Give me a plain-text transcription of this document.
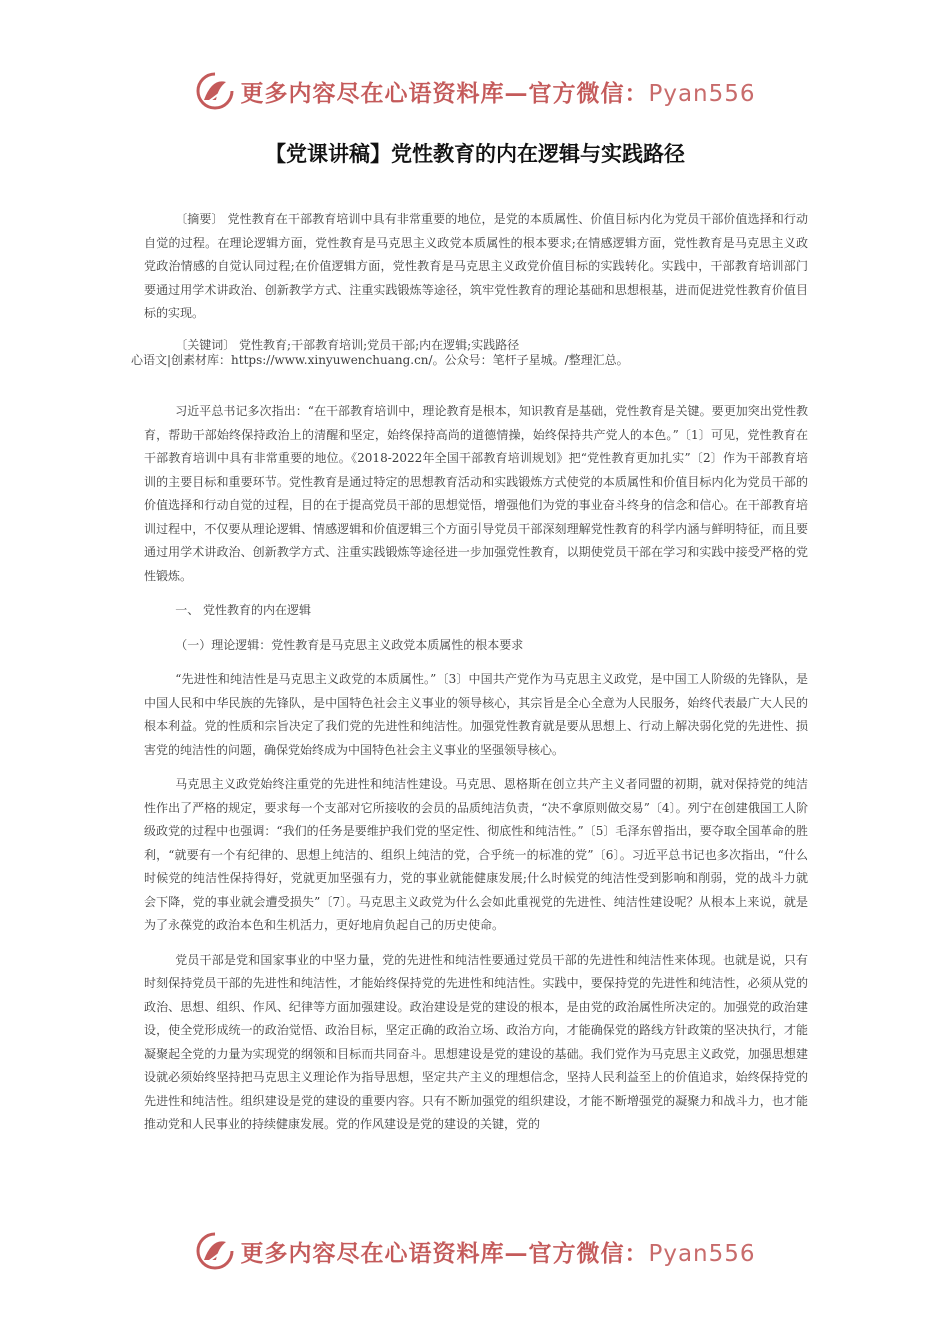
更多内容尽在心语资料库—官方微信：Pyan556
【党课讲稿】党性教育的内在逻辑与实践路径

〔摘要〕 党性教育在干部教育培训中具有非常重要的地位，是党的本质属性、价值目标内化为党员干部价值选择和行动自觉的过程。在理论逻辑方面，党性教育是马克思主义政党本质属性的根本要求;在情感逻辑方面，党性教育是马克思主义政党政治情感的自觉认同过程;在价值逻辑方面，党性教育是马克思主义政党价值目标的实践转化。实践中，干部教育培训部门要通过用学术讲政治、创新教学方式、注重实践锻炼等途径，筑牢党性教育的理论基础和思想根基，进而促进党性教育价值目标的实现。

〔关键词〕 党性教育;干部教育培训;党员干部;内在逻辑;实践路径

心语文|创素材库：https://www.xinyuwenchuang.cn/。公众号：笔杆子星城。/整理汇总。

习近平总书记多次指出：“在干部教育培训中，理论教育是根本，知识教育是基础，党性教育是关键。要更加突出党性教育，帮助干部始终保持政治上的清醒和坚定，始终保持高尚的道德情操，始终保持共产党人的本色。”〔1〕可见，党性教育在干部教育培训中具有非常重要的地位。《2018-2022年全国干部教育培训规划》把“党性教育更加扎实”〔2〕作为干部教育培训的主要目标和重要环节。党性教育是通过特定的思想教育活动和实践锻炼方式使党的本质属性和价值目标内化为党员干部的价值选择和行动自觉的过程，目的在于提高党员干部的思想觉悟，增强他们为党的事业奋斗终身的信念和信心。在干部教育培训过程中，不仅要从理论逻辑、情感逻辑和价值逻辑三个方面引导党员干部深刻理解党性教育的科学内涵与鲜明特征，而且要通过用学术讲政治、创新教学方式、注重实践锻炼等途径进一步加强党性教育，以期使党员干部在学习和实践中接受严格的党性锻炼。

一、 党性教育的内在逻辑

（一）理论逻辑：党性教育是马克思主义政党本质属性的根本要求

“先进性和纯洁性是马克思主义政党的本质属性。”〔3〕中国共产党作为马克思主义政党，是中国工人阶级的先锋队，是中国人民和中华民族的先锋队，是中国特色社会主义事业的领导核心，其宗旨是全心全意为人民服务，始终代表最广大人民的根本利益。党的性质和宗旨决定了我们党的先进性和纯洁性。加强党性教育就是要从思想上、行动上解决弱化党的先进性、损害党的纯洁性的问题，确保党始终成为中国特色社会主义事业的坚强领导核心。

马克思主义政党始终注重党的先进性和纯洁性建设。马克思、恩格斯在创立共产主义者同盟的初期，就对保持党的纯洁性作出了严格的规定，要求每一个支部对它所接收的会员的品质纯洁负责，“决不拿原则做交易”〔4〕。列宁在创建俄国工人阶级政党的过程中也强调：“我们的任务是要维护我们党的坚定性、彻底性和纯洁性。”〔5〕毛泽东曾指出，要夺取全国革命的胜利，“就要有一个有纪律的、思想上纯洁的、组织上纯洁的党，合乎统一的标准的党”〔6〕。习近平总书记也多次指出，“什么时候党的纯洁性保持得好，党就更加坚强有力，党的事业就能健康发展;什么时候党的纯洁性受到影响和削弱，党的战斗力就会下降，党的事业就会遭受损失”〔7〕。马克思主义政党为什么会如此重视党的先进性、纯洁性建设呢？从根本上来说，就是为了永葆党的政治本色和生机活力，更好地肩负起自己的历史使命。

党员干部是党和国家事业的中坚力量，党的先进性和纯洁性要通过党员干部的先进性和纯洁性来体现。也就是说，只有时刻保持党员干部的先进性和纯洁性，才能始终保持党的先进性和纯洁性。实践中，要保持党的先进性和纯洁性，必须从党的政治、思想、组织、作风、纪律等方面加强建设。政治建设是党的建设的根本，是由党的政治属性所决定的。加强党的政治建设，使全党形成统一的政治觉悟、政治目标，坚定正确的政治立场、政治方向，才能确保党的路线方针政策的坚决执行，才能凝聚起全党的力量为实现党的纲领和目标而共同奋斗。思想建设是党的建设的基础。我们党作为马克思主义政党，加强思想建设就必须始终坚持把马克思主义理论作为指导思想，坚定共产主义的理想信念，坚持人民利益至上的价值追求，始终保持党的先进性和纯洁性。组织建设是党的建设的重要内容。只有不断加强党的组织建设，才能不断增强党的凝聚力和战斗力，也才能推动党和人民事业的持续健康发展。党的作风建设是党的建设的关键，党的

更多内容尽在心语资料库—官方微信：Pyan556
